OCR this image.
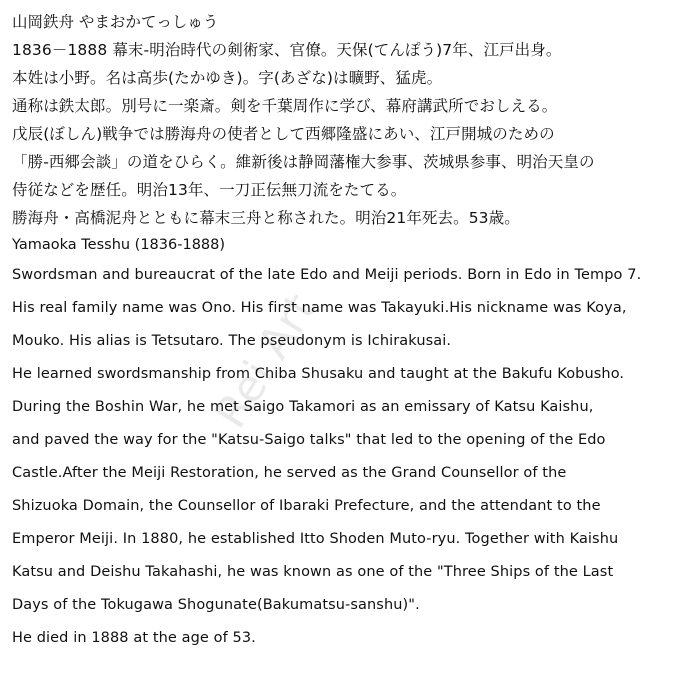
山岡鉄舟 やまおかてっしゅう
1836－1888 幕末-明治時代の剣術家、官僚。天保(てんぽう)7年、江戸出身。
本姓は小野。名は高歩(たかゆき)。字(あざな)は曠野、猛虎。
通称は鉄太郎。別号に一楽斎。剣を千葉周作に学び、幕府講武所でおしえる。
戊辰(ぼしん)戦争では勝海舟の使者として西郷隆盛にあい、江戸開城のための
「勝-西郷会談」の道をひらく。維新後は静岡藩権大参事、茨城県参事、明治天皇の
侍従などを歴任。明治13年、一刀正伝無刀流をたてる。
勝海舟・高橋泥舟とともに幕末三舟と称された。明治21年死去。53歳。
Yamaoka Tesshu (1836-1888)
Swordsman and bureaucrat of the late Edo and Meiji periods. Born in Edo in Tempo 7.
His real family name was Ono. His first name was Takayuki.His nickname was Koya,
Mouko. His alias is Tetsutaro. The pseudonym is Ichirakusai.
He learned swordsmanship from Chiba Shusaku and taught at the Bakufu Kobusho.
During the Boshin War, he met Saigo Takamori as an emissary of Katsu Kaishu,
and paved the way for the "Katsu-Saigo talks" that led to the opening of the Edo
Castle.After the Meiji Restoration, he served as the Grand Counsellor of the
Shizuoka Domain, the Counsellor of Ibaraki Prefecture, and the attendant to the
Emperor Meiji. In 1880, he established Itto Shoden Muto-ryu. Together with Kaishu
Katsu and Deishu Takahashi, he was known as one of the "Three Ships of the Last
Days of the Tokugawa Shogunate(Bakumatsu-sanshu)".
He died in 1888 at the age of 53.
Rei Art
